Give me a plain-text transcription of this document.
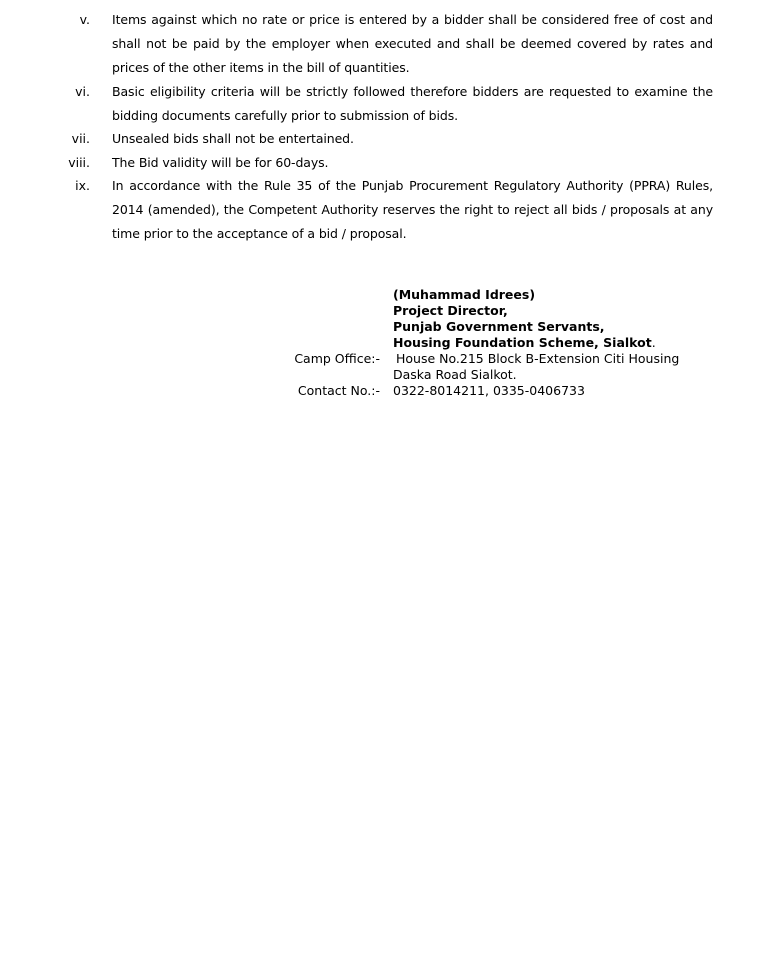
v. Items against which no rate or price is entered by a bidder shall be considered free of cost and shall not be paid by the employer when executed and shall be deemed covered by rates and prices of the other items in the bill of quantities.
vi. Basic eligibility criteria will be strictly followed therefore bidders are requested to examine the bidding documents carefully prior to submission of bids.
vii. Unsealed bids shall not be entertained.
viii. The Bid validity will be for 60-days.
ix. In accordance with the Rule 35 of the Punjab Procurement Regulatory Authority (PPRA) Rules, 2014 (amended), the Competent Authority reserves the right to reject all bids / proposals at any time prior to the acceptance of a bid / proposal.
(Muhammad Idrees)
Project Director,
Punjab Government Servants,
Housing Foundation Scheme, Sialkot.
Camp Office:- House No.215 Block B-Extension Citi Housing
Daska Road Sialkot.
Contact No.:- 0322-8014211, 0335-0406733
